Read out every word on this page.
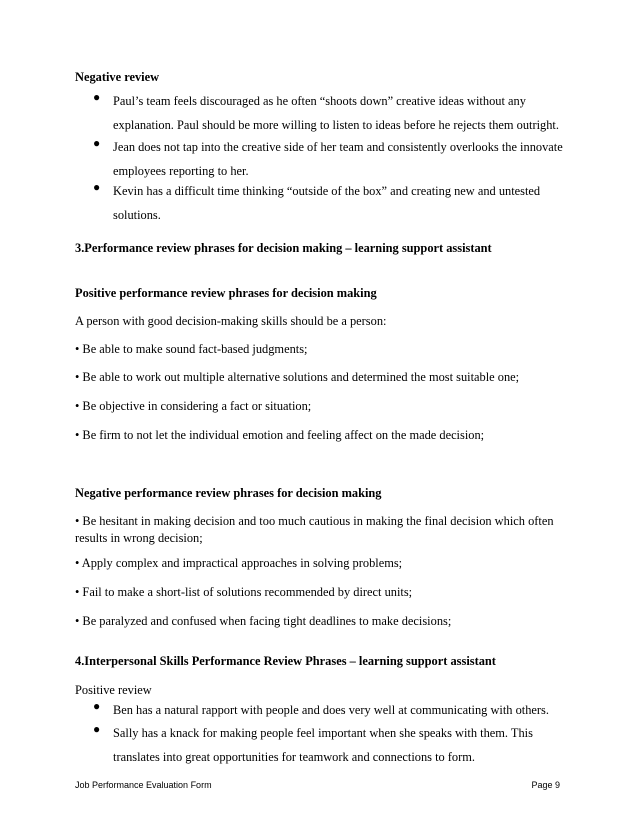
Negative review
● Paul’s team feels discouraged as he often “shoots down” creative ideas without any explanation. Paul should be more willing to listen to ideas before he rejects them outright.
● Jean does not tap into the creative side of her team and consistently overlooks the innovate employees reporting to her.
● Kevin has a difficult time thinking “outside of the box” and creating new and untested solutions.
3.Performance review phrases for decision making – learning support assistant
Positive performance review phrases for decision making
A person with good decision-making skills should be a person:
• Be able to make sound fact-based judgments;
• Be able to work out multiple alternative solutions and determined the most suitable one;
• Be objective in considering a fact or situation;
• Be firm to not let the individual emotion and feeling affect on the made decision;
Negative performance review phrases for decision making
• Be hesitant in making decision and too much cautious in making the final decision which often results in wrong decision;
• Apply complex and impractical approaches in solving problems;
• Fail to make a short-list of solutions recommended by direct units;
• Be paralyzed and confused when facing tight deadlines to make decisions;
4.Interpersonal Skills Performance Review Phrases – learning support assistant
Positive review
● Ben has a natural rapport with people and does very well at communicating with others.
● Sally has a knack for making people feel important when she speaks with them. This translates into great opportunities for teamwork and connections to form.
Job Performance Evaluation Form	Page 9
